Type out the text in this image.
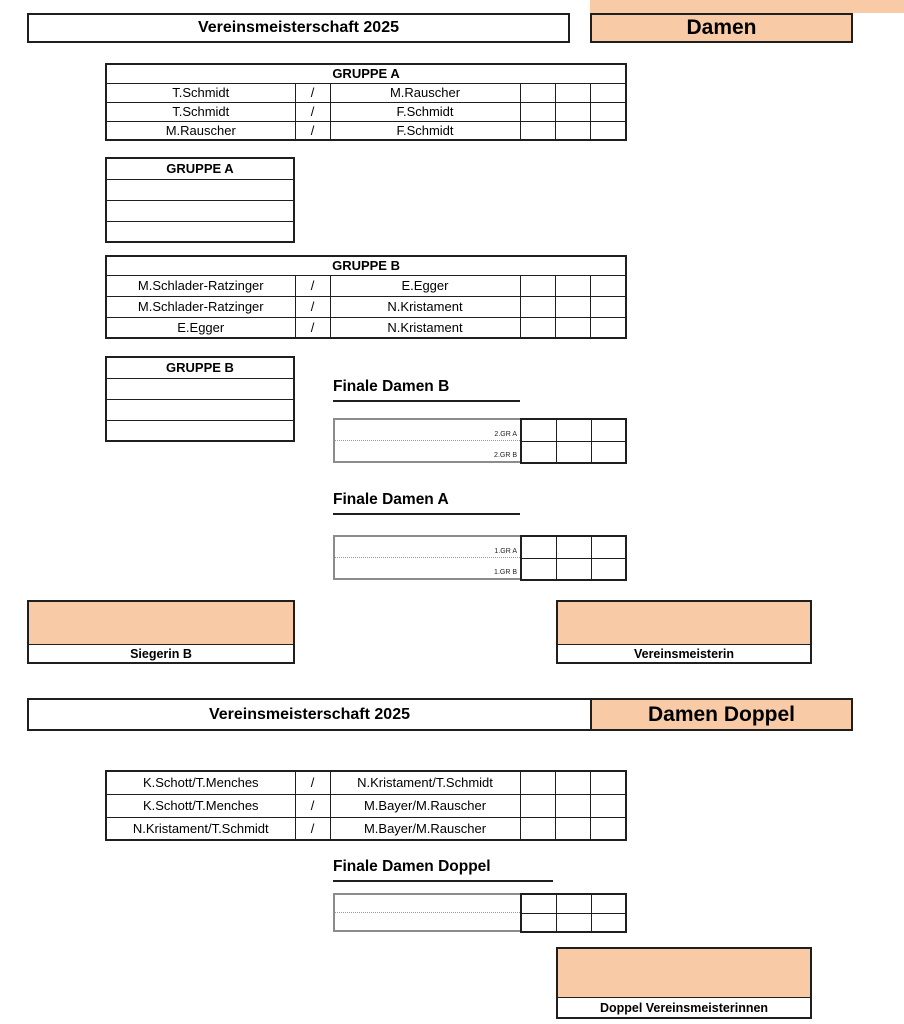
Vereinsmeisterschaft 2025	Damen
GRUPPE A					
T.Schmidt	/	M.Rauscher			
T.Schmidt	/	F.Schmidt			
M.Rauscher	/	F.Schmidt			
GRUPPE A

GRUPPE B					
M.Schlader-Ratzinger	/	E.Egger			
M.Schlader-Ratzinger	/	N.Kristament			
E.Egger	/	N.Kristament			
GRUPPE B

Finale Damen B
2.GR A
2.GR B

Finale Damen A
1.GR A
1.GR B

Siegerin B	Vereinsmeisterin
Vereinsmeisterschaft 2025	Damen Doppel
K.Schott/T.Menches	/	N.Kristament/T.Schmidt			
K.Schott/T.Menches	/	M.Bayer/M.Rauscher			
N.Kristament/T.Schmidt	/	M.Bayer/M.Rauscher			
Finale Damen Doppel

Doppel Vereinsmeisterinnen
